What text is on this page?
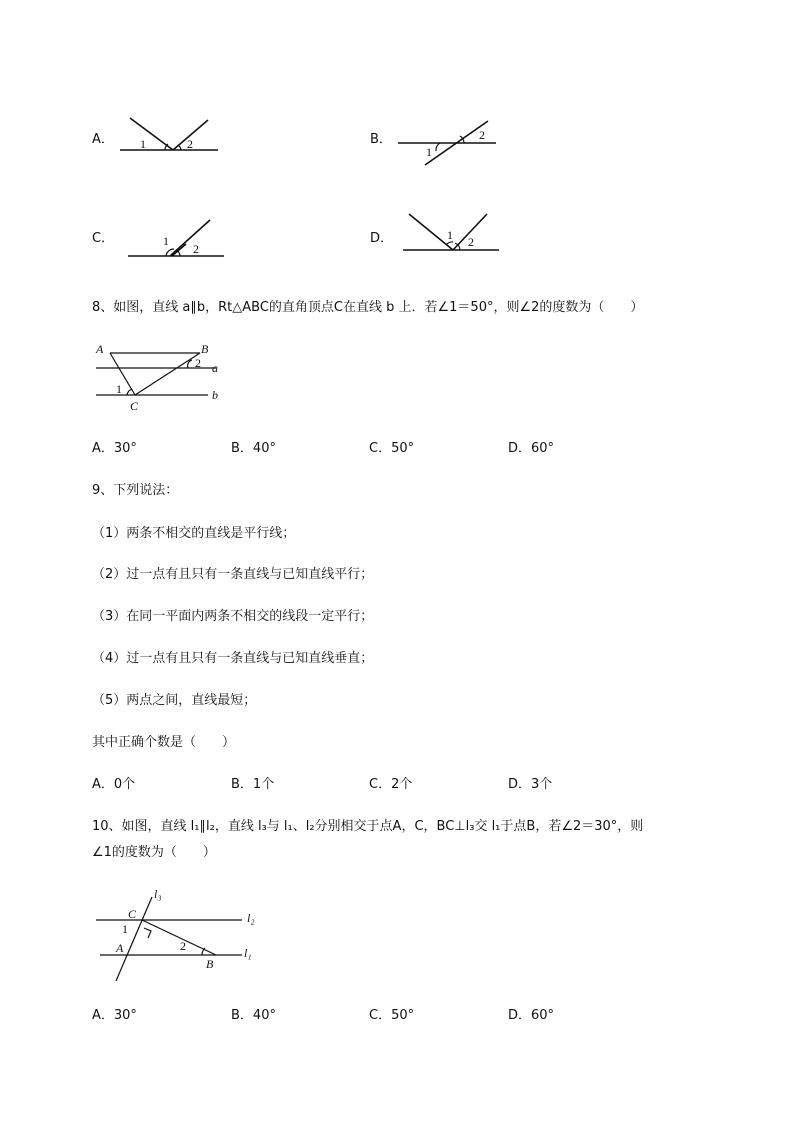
A． 1	2	B．
1
2
C．	1
2
D．	1 2
8、如图，直线 a∥b，Rt△ABC的直角顶点C在直线 b 上．若∠1＝50°，则∠2的度数为（　　）
A	B
C
a
b
1
2
A．30°	B．40°	C．50°	D．60°
9、下列说法：
（1）两条不相交的直线是平行线；
（2）过一点有且只有一条直线与已知直线平行；
（3）在同一平面内两条不相交的线段一定平行；
（4）过一点有且只有一条直线与已知直线垂直；
（5）两点之间，直线最短；
其中正确个数是（　　）
A．0个	B．1个	C．2个	D．3个
10、如图，直线 l₁∥l₂，直线 l₃与 l₁、l₂分别相交于点A，C，BC⊥l₃交 l₁于点B，若∠2＝30°，则
∠1的度数为（　　）
C
A
B
l₃
l₂
l₁
1
2
A．30°	B．40°	C．50°	D．60°
